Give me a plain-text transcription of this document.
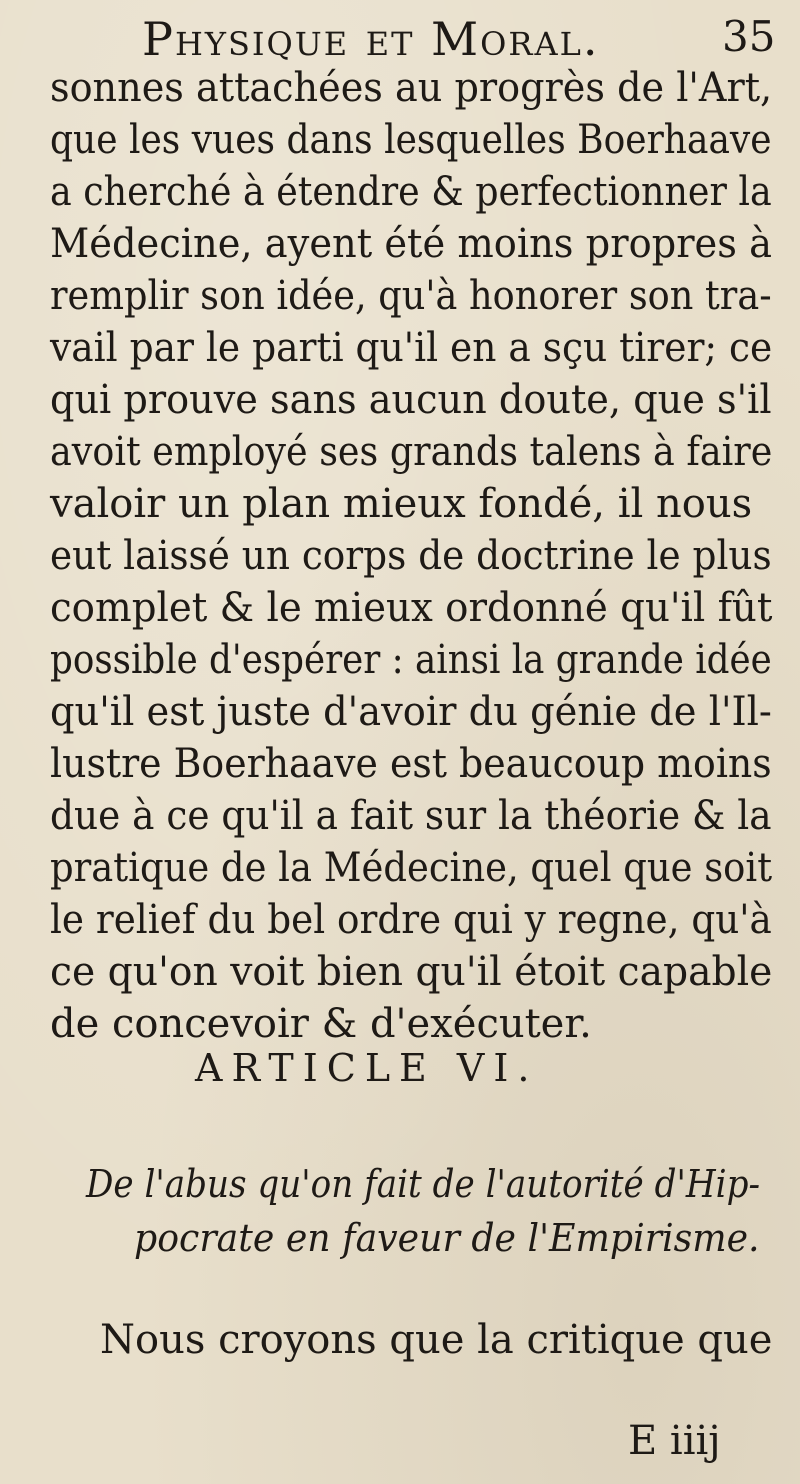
Physique et Moral.	35
sonnes attachées au progrès de l'Art,
que les vues dans lesquelles Boerhaave
a cherché à étendre & perfectionner la
Médecine, ayent été moins propres à
remplir son idée, qu'à honorer son tra-
vail par le parti qu'il en a sçu tirer; ce
qui prouve sans aucun doute, que s'il
avoit employé ses grands talens à faire
valoir un plan mieux fondé, il nous
eut laissé un corps de doctrine le plus
complet & le mieux ordonné qu'il fût
possible d'espérer : ainsi la grande idée
qu'il est juste d'avoir du génie de l'Il-
lustre Boerhaave est beaucoup moins
due à ce qu'il a fait sur la théorie & la
pratique de la Médecine, quel que soit
le relief du bel ordre qui y regne, qu'à
ce qu'on voit bien qu'il étoit capable
de concevoir & d'exécuter.
ARTICLE VI.
De l'abus qu'on fait de l'autorité d'Hip-
pocrate en faveur de l'Empirisme.
Nous croyons que la critique que
E iiij
